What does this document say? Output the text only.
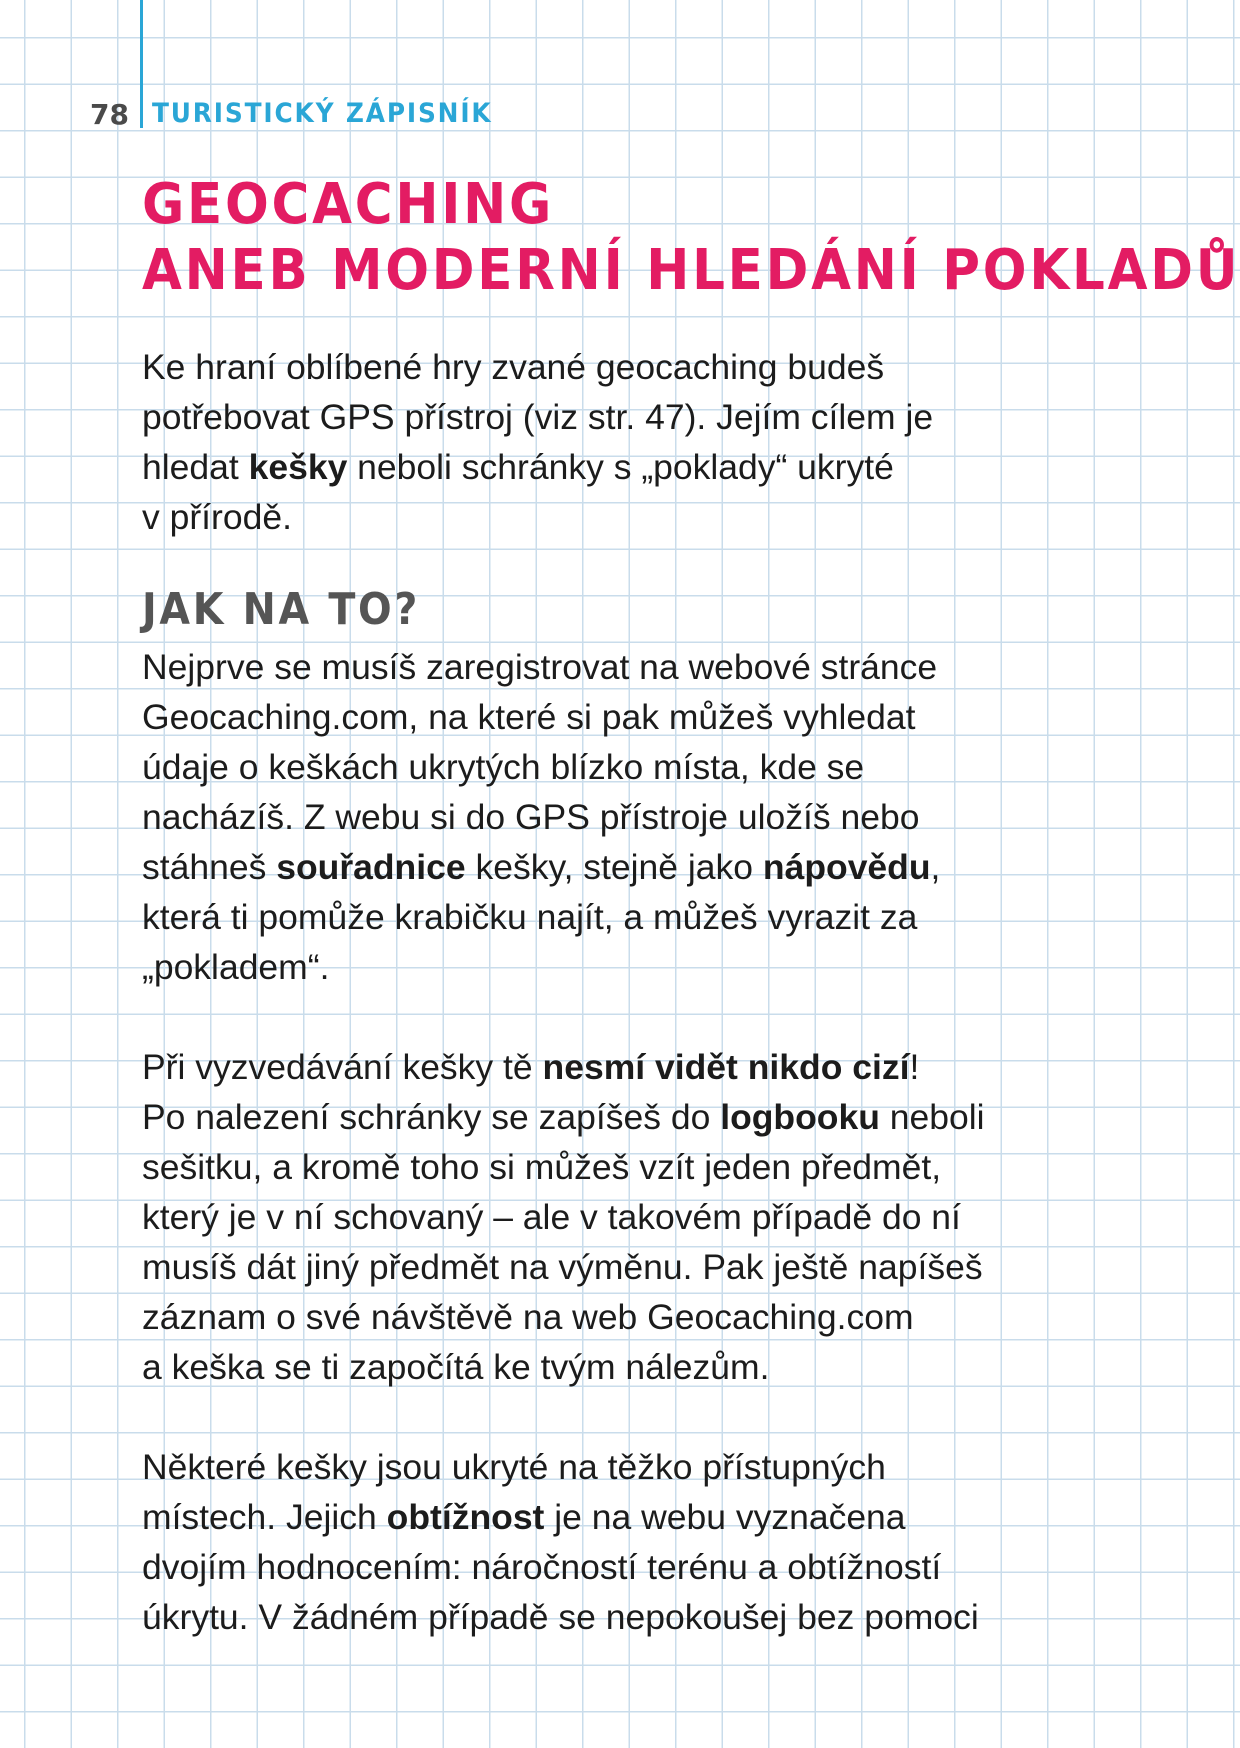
78 TURISTICKÝ ZÁPISNÍK
GEOCACHING
ANEB MODERNÍ HLEDÁNÍ POKLADŮ

Ke hraní oblíbené hry zvané geocaching budeš
potřebovat GPS přístroj (viz str. 47). Jejím cílem je
hledat kešky neboli schránky s „poklady“ ukryté
v přírodě.

JAK NA TO?

Nejprve se musíš zaregistrovat na webové stránce
Geocaching.com, na které si pak můžeš vyhledat
údaje o keškách ukrytých blízko místa, kde se
nacházíš. Z webu si do GPS přístroje uložíš nebo
stáhneš souřadnice kešky, stejně jako nápovědu,
která ti pomůže krabičku najít, a můžeš vyrazit za
„pokladem“.

Při vyzvedávání kešky tě nesmí vidět nikdo cizí!
Po nalezení schránky se zapíšeš do logbooku neboli
sešitku, a kromě toho si můžeš vzít jeden předmět,
který je v ní schovaný – ale v takovém případě do ní
musíš dát jiný předmět na výměnu. Pak ještě napíšeš
záznam o své návštěvě na web Geocaching.com
a keška se ti započítá ke tvým nálezům.

Některé kešky jsou ukryté na těžko přístupných
místech. Jejich obtížnost je na webu vyznačena
dvojím hodnocením: náročností terénu a obtížností
úkrytu. V žádném případě se nepokoušej bez pomoci
